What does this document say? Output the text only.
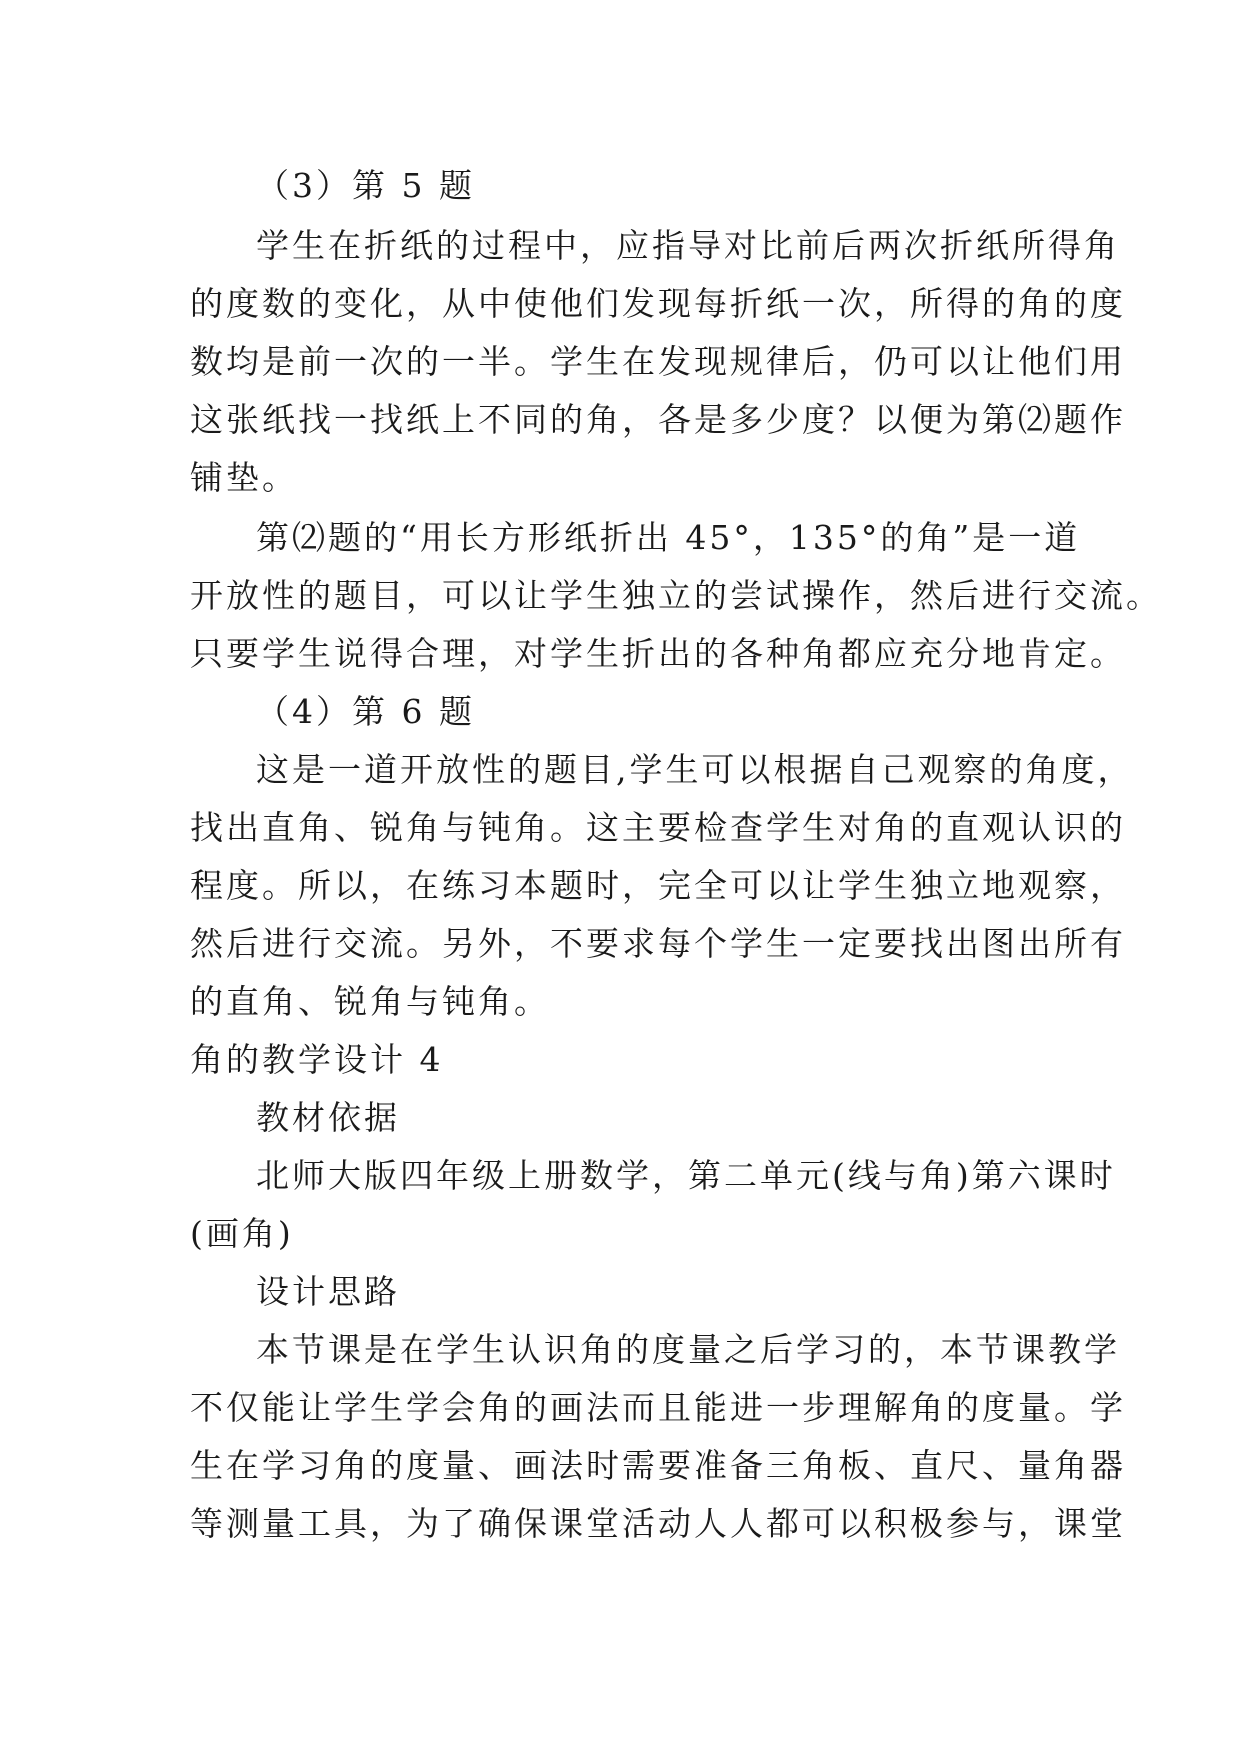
（3）第 5 题
学生在折纸的过程中，应指导对比前后两次折纸所得角
的度数的变化，从中使他们发现每折纸一次，所得的角的度
数均是前一次的一半。学生在发现规律后，仍可以让他们用
这张纸找一找纸上不同的角，各是多少度？以便为第⑵题作
铺垫。
第⑵题的“用长方形纸折出 45°，135°的角”是一道
开放性的题目，可以让学生独立的尝试操作，然后进行交流。
只要学生说得合理，对学生折出的各种角都应充分地肯定。
（4）第 6 题
这是一道开放性的题目,学生可以根据自己观察的角度，
找出直角、锐角与钝角。这主要检查学生对角的直观认识的
程度。所以，在练习本题时，完全可以让学生独立地观察，
然后进行交流。另外，不要求每个学生一定要找出图出所有
的直角、锐角与钝角。
角的教学设计 4
教材依据
北师大版四年级上册数学，第二单元(线与角)第六课时
(画角)
设计思路
本节课是在学生认识角的度量之后学习的，本节课教学
不仅能让学生学会角的画法而且能进一步理解角的度量。学
生在学习角的度量、画法时需要准备三角板、直尺、量角器
等测量工具，为了确保课堂活动人人都可以积极参与，课堂
